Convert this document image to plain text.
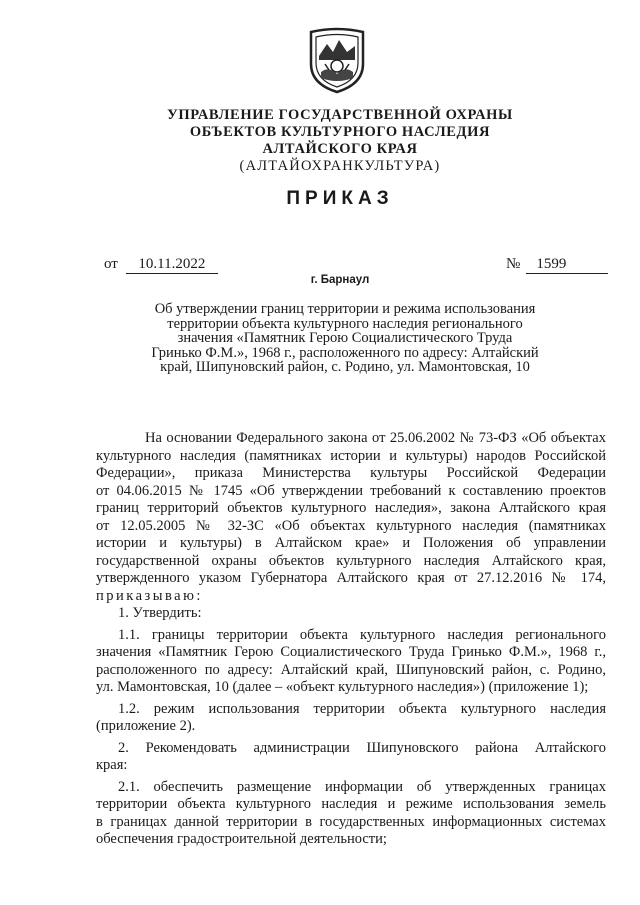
УПРАВЛЕНИЕ ГОСУДАРСТВЕННОЙ ОХРАНЫ
ОБЪЕКТОВ КУЛЬТУРНОГО НАСЛЕДИЯ
АЛТАЙСКОГО КРАЯ
(АЛТАЙОХРАНКУЛЬТУРА)
ПРИКАЗ
от 10.11.2022	№ 1599
г. Барнаул
Об утверждении границ территории и режима использования
территории объекта культурного наследия регионального
значения «Памятник Герою Социалистического Труда
Гринько Ф.М.», 1968 г., расположенного по адресу: Алтайский
край, Шипуновский район, с. Родино, ул. Мамонтовская, 10
На основании Федерального закона от 25.06.2002 № 73-ФЗ «Об объектах
культурного наследия (памятниках истории и культуры) народов Российской
Федерации», приказа Министерства культуры Российской Федерации
от 04.06.2015 № 1745 «Об утверждении требований к составлению проектов
границ территорий объектов культурного наследия», закона Алтайского края
от 12.05.2005 № 32-ЗС «Об объектах культурного наследия (памятниках
истории и культуры) в Алтайском крае» и Положения об управлении
государственной охраны объектов культурного наследия Алтайского края,
утвержденного указом Губернатора Алтайского края от 27.12.2016 № 174,
приказываю:
1. Утвердить:
1.1. границы территории объекта культурного наследия регионального
значения «Памятник Герою Социалистического Труда Гринько Ф.М.», 1968 г.,
расположенного по адресу: Алтайский край, Шипуновский район, с. Родино,
ул. Мамонтовская, 10 (далее – «объект культурного наследия») (приложение 1);
1.2. режим использования территории объекта культурного наследия
(приложение 2).
2. Рекомендовать администрации Шипуновского района Алтайского
края:
2.1. обеспечить размещение информации об утвержденных границах
территории объекта культурного наследия и режиме использования земель
в границах данной территории в государственных информационных системах
обеспечения градостроительной деятельности;
